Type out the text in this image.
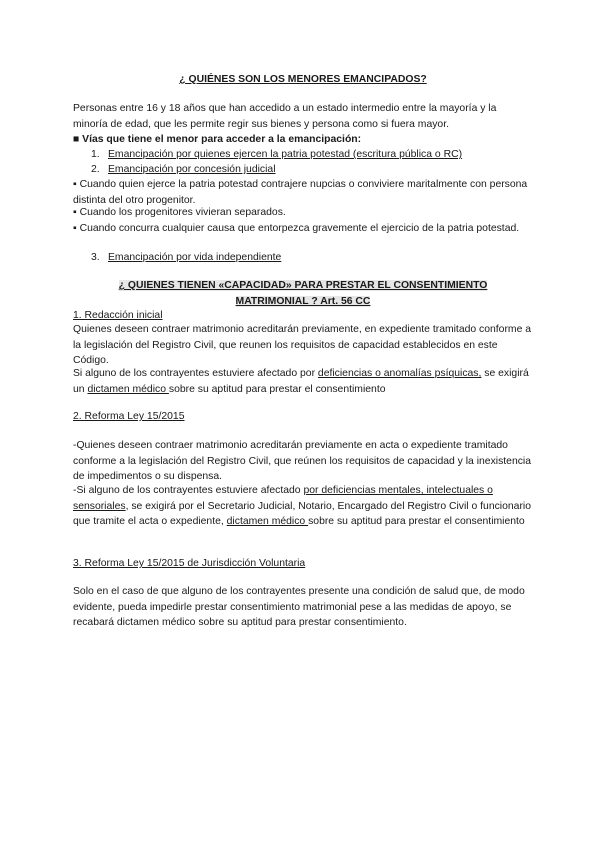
¿ QUIÉNES SON LOS MENORES EMANCIPADOS?

Personas entre 16 y 18 años que han accedido a un estado intermedio entre la mayoría y la minoría de edad, que les permite regir sus bienes y persona como si fuera mayor.

■ Vías que tiene el menor para acceder a la emancipación:

1. Emancipación por quienes ejercen la patria potestad (escritura pública o RC)
2. Emancipación por concesión judicial

▪ Cuando quien ejerce la patria potestad contrajere nupcias o conviviere maritalmente con persona distinta del otro progenitor.

▪ Cuando los progenitores vivieran separados.

▪ Cuando concurra cualquier causa que entorpezca gravemente el ejercicio de la patria potestad.

3. Emancipación por vida independiente
¿ QUIENES TIENEN «CAPACIDAD» PARA PRESTAR EL CONSENTIMIENTO
MATRIMONIAL ? Art. 56 CC

1. Redacción inicial

Quienes deseen contraer matrimonio acreditarán previamente, en expediente tramitado conforme a la legislación del Registro Civil, que reunen los requisitos de capacidad establecidos en este Código.

Si alguno de los contrayentes estuviere afectado por deficiencias o anomalías psíquicas, se exigirá un dictamen médico sobre su aptitud para prestar el consentimiento

2. Reforma Ley 15/2015

-Quienes deseen contraer matrimonio acreditarán previamente en acta o expediente tramitado conforme a la legislación del Registro Civil, que reúnen los requisitos de capacidad y la inexistencia de impedimentos o su dispensa.

-Si alguno de los contrayentes estuviere afectado por deficiencias mentales, intelectuales o sensoriales, se exigirá por el Secretario Judicial, Notario, Encargado del Registro Civil o funcionario que tramite el acta o expediente, dictamen médico sobre su aptitud para prestar el consentimiento

3. Reforma Ley 15/2015 de Jurisdicción Voluntaria

Solo en el caso de que alguno de los contrayentes presente una condición de salud que, de modo evidente, pueda impedirle prestar consentimiento matrimonial pese a las medidas de apoyo, se recabará dictamen médico sobre su aptitud para prestar consentimiento.
